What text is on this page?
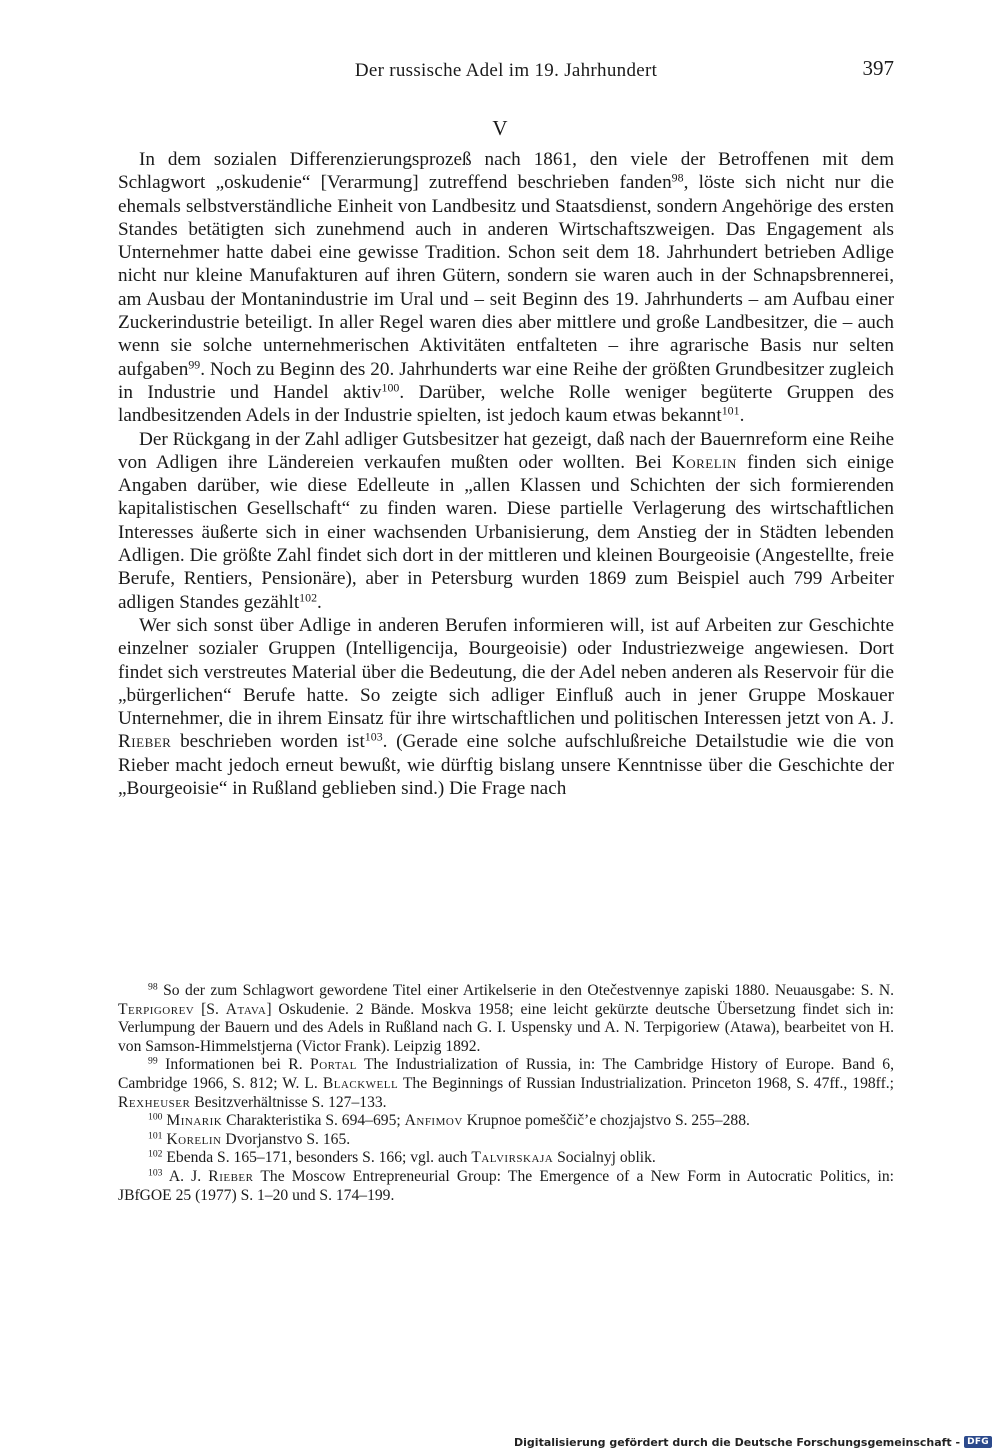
Der russische Adel im 19. Jahrhundert	397
V

In dem sozialen Differenzierungsprozeß nach 1861, den viele der Betroffenen mit dem Schlagwort „oskudenie“ [Verarmung] zutreffend beschrieben fanden$^{98}$, löste sich nicht nur die ehemals selbstverständliche Einheit von Landbesitz und Staatsdienst, sondern Angehörige des ersten Standes betätigten sich zunehmend auch in anderen Wirtschaftszweigen. Das Engagement als Unternehmer hatte dabei eine gewisse Tradition. Schon seit dem 18. Jahrhundert betrieben Adlige nicht nur kleine Manufakturen auf ihren Gütern, sondern sie waren auch in der Schnapsbrennerei, am Ausbau der Montanindustrie im Ural und – seit Beginn des 19. Jahrhunderts – am Aufbau einer Zuckerindustrie beteiligt. In aller Regel waren dies aber mittlere und große Landbesitzer, die – auch wenn sie solche unternehmerischen Aktivitäten entfalteten – ihre agrarische Basis nur selten aufgaben$^{99}$. Noch zu Beginn des 20. Jahrhunderts war eine Reihe der größten Grundbesitzer zugleich in Industrie und Handel aktiv$^{100}$. Darüber, welche Rolle weniger begüterte Gruppen des landbesitzenden Adels in der Industrie spielten, ist jedoch kaum etwas bekannt$^{101}$.

Der Rückgang in der Zahl adliger Gutsbesitzer hat gezeigt, daß nach der Bauernreform eine Reihe von Adligen ihre Ländereien verkaufen mußten oder wollten. Bei Korelin finden sich einige Angaben darüber, wie diese Edelleute in „allen Klassen und Schichten der sich formierenden kapitalistischen Gesellschaft“ zu finden waren. Diese partielle Verlagerung des wirtschaftlichen Interesses äußerte sich in einer wachsenden Urbanisierung, dem Anstieg der in Städten lebenden Adligen. Die größte Zahl findet sich dort in der mittleren und kleinen Bourgeoisie (Angestellte, freie Berufe, Rentiers, Pensionäre), aber in Petersburg wurden 1869 zum Beispiel auch 799 Arbeiter adligen Standes gezählt$^{102}$.

Wer sich sonst über Adlige in anderen Berufen informieren will, ist auf Arbeiten zur Geschichte einzelner sozialer Gruppen (Intelligencija, Bourgeoisie) oder Industriezweige angewiesen. Dort findet sich verstreutes Material über die Bedeutung, die der Adel neben anderen als Reservoir für die „bürgerlichen“ Berufe hatte. So zeigte sich adliger Einfluß auch in jener Gruppe Moskauer Unternehmer, die in ihrem Einsatz für ihre wirtschaftlichen und politischen Interessen jetzt von A. J. Rieber beschrieben worden ist$^{103}$. (Gerade eine solche aufschlußreiche Detailstudie wie die von Rieber macht jedoch erneut bewußt, wie dürftig bislang unsere Kenntnisse über die Geschichte der „Bourgeoisie“ in Rußland geblieben sind.) Die Frage nach

$^{98}$ So der zum Schlagwort gewordene Titel einer Artikelserie in den Otečestvennye zapiski 1880. Neuausgabe: S. N. Terpigorev [S. Atava] Oskudenie. 2 Bände. Moskva 1958; eine leicht gekürzte deutsche Übersetzung findet sich in: Verlumpung der Bauern und des Adels in Rußland nach G. I. Uspensky und A. N. Terpigoriew (Atawa), bearbeitet von H. von Samson-Himmelstjerna (Victor Frank). Leipzig 1892.

$^{99}$ Informationen bei R. Portal The Industrialization of Russia, in: The Cambridge History of Europe. Band 6, Cambridge 1966, S. 812; W. L. Blackwell The Beginnings of Russian Industrialization. Princeton 1968, S. 47ff., 198ff.; Rexheuser Besitzverhältnisse S. 127–133.

$^{100}$ Minarik Charakteristika S. 694–695; Anfimov Krupnoe pomeščič’e chozjajstvo S. 255–288.

$^{101}$ Korelin Dvorjanstvo S. 165.

$^{102}$ Ebenda S. 165–171, besonders S. 166; vgl. auch Talvirskaja Socialnyj oblik.

$^{103}$ A. J. Rieber The Moscow Entrepreneurial Group: The Emergence of a New Form in Autocratic Politics, in: JBfGOE 25 (1977) S. 1–20 und S. 174–199.

Digitalisierung gefördert durch die Deutsche Forschungsgemeinschaft - DFG
